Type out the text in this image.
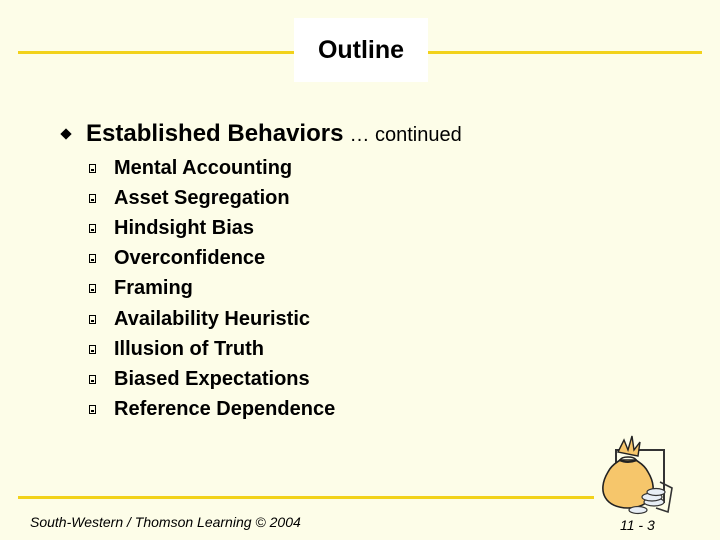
Outline
Established Behaviors … continued
Mental Accounting
Asset Segregation
Hindsight Bias
Overconfidence
Framing
Availability Heuristic
Illusion of Truth
Biased Expectations
Reference Dependence
South-Western / Thomson Learning © 2004	11 - 3
